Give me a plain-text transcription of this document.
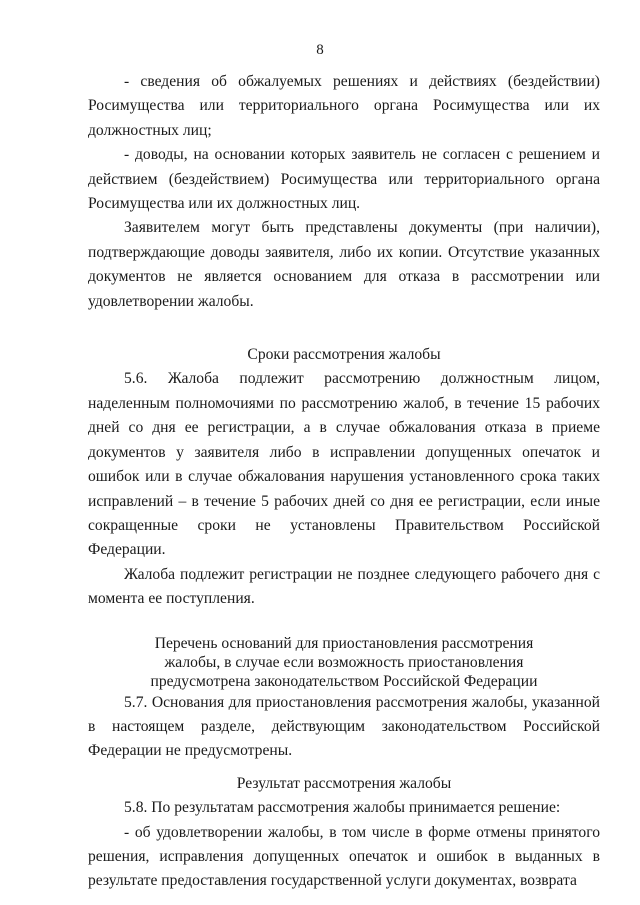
8

- сведения об обжалуемых решениях и действиях (бездействии) Росимущества или территориального органа Росимущества или их должностных лиц;

- доводы, на основании которых заявитель не согласен с решением и действием (бездействием) Росимущества или территориального органа Росимущества или их должностных лиц.

Заявителем могут быть представлены документы (при наличии), подтверждающие доводы заявителя, либо их копии. Отсутствие указанных документов не является основанием для отказа в рассмотрении или удовлетворении жалобы.

Сроки рассмотрения жалобы

5.6. Жалоба подлежит рассмотрению должностным лицом, наделенным полномочиями по рассмотрению жалоб, в течение 15 рабочих дней со дня ее регистрации, а в случае обжалования отказа в приеме документов у заявителя либо в исправлении допущенных опечаток и ошибок или в случае обжалования нарушения установленного срока таких исправлений – в течение 5 рабочих дней со дня ее регистрации, если иные сокращенные сроки не установлены Правительством Российской Федерации.

Жалоба подлежит регистрации не позднее следующего рабочего дня с момента ее поступления.

Перечень оснований для приостановления рассмотрения

жалобы, в случае если возможность приостановления

предусмотрена законодательством Российской Федерации

5.7. Основания для приостановления рассмотрения жалобы, указанной в настоящем разделе, действующим законодательством Российской Федерации не предусмотрены.

Результат рассмотрения жалобы

5.8. По результатам рассмотрения жалобы принимается решение:

- об удовлетворении жалобы, в том числе в форме отмены принятого решения, исправления допущенных опечаток и ошибок в выданных в результате предоставления государственной услуги документах, возврата
